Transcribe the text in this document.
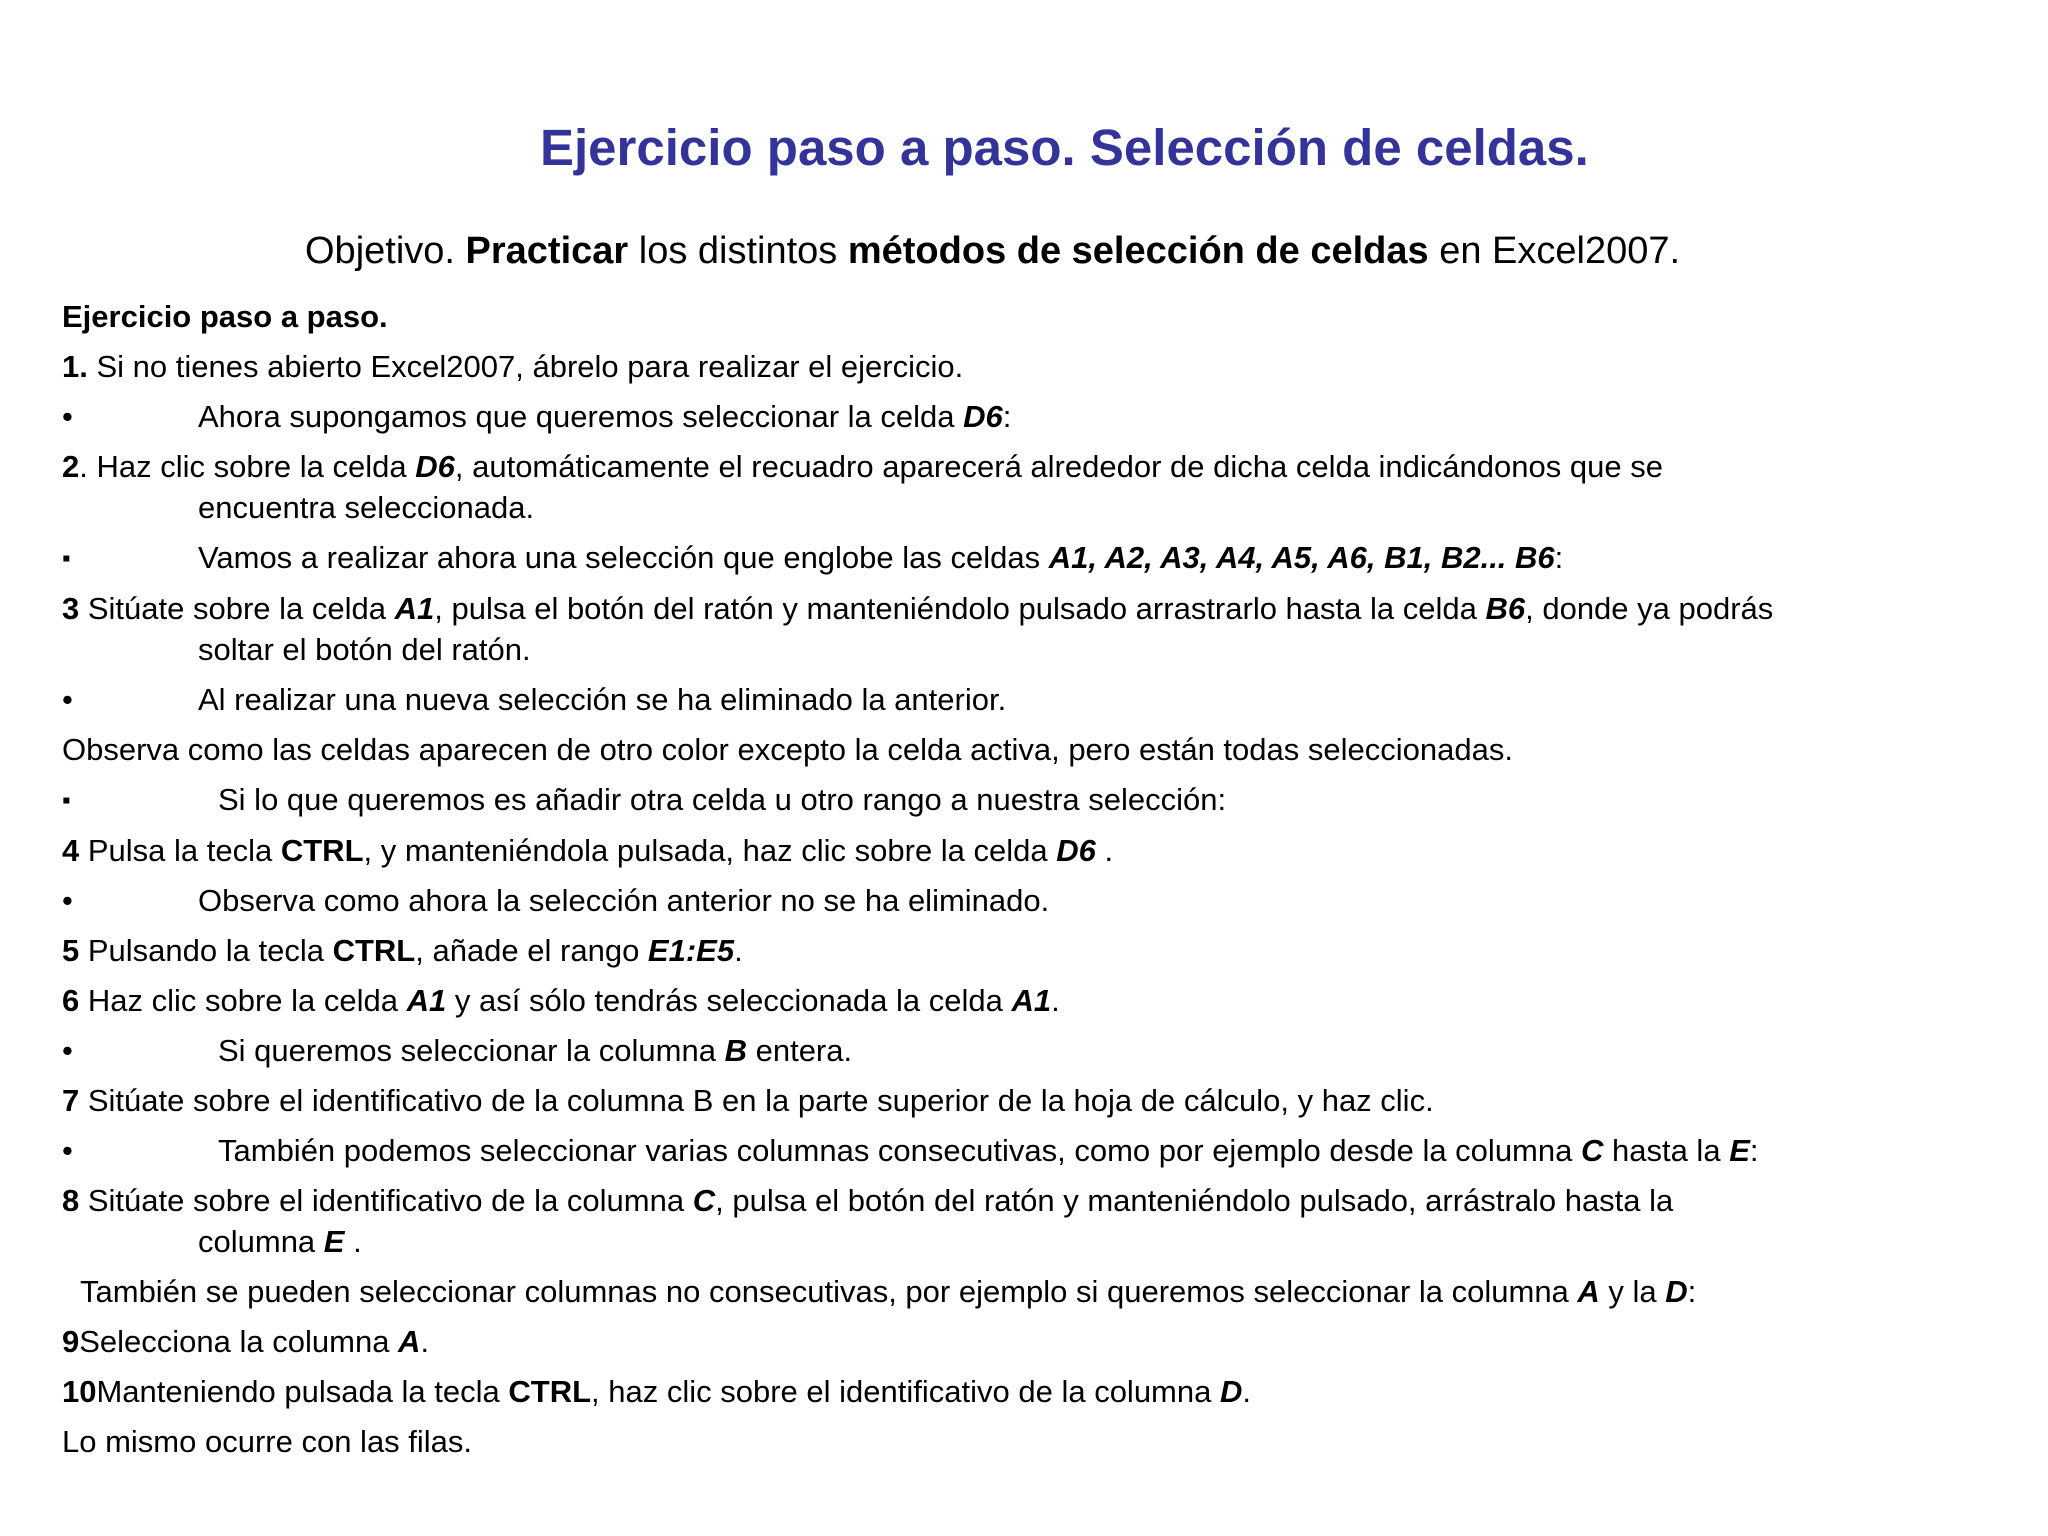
Ejercicio paso a paso. Selección de celdas.
Objetivo. Practicar los distintos métodos de selección de celdas en Excel2007.
Ejercicio paso a paso.
1. Si no tienes abierto Excel2007, ábrelo para realizar el ejercicio.
•	Ahora supongamos que queremos seleccionar la celda D6:
2. Haz clic sobre la celda D6, automáticamente el recuadro aparecerá alrededor de dicha celda indicándonos que se
encuentra seleccionada.
▪	Vamos a realizar ahora una selección que englobe las celdas A1, A2, A3, A4, A5, A6, B1, B2... B6:
3 Sitúate sobre la celda A1, pulsa el botón del ratón y manteniéndolo pulsado arrastrarlo hasta la celda B6, donde ya podrás
soltar el botón del ratón.
•	Al realizar una nueva selección se ha eliminado la anterior.
Observa como las celdas aparecen de otro color excepto la celda activa, pero están todas seleccionadas.
▪	Si lo que queremos es añadir otra celda u otro rango a nuestra selección:
4 Pulsa la tecla CTRL, y manteniéndola pulsada, haz clic sobre la celda D6 .
•	Observa como ahora la selección anterior no se ha eliminado.
5 Pulsando la tecla CTRL, añade el rango E1:E5.
6 Haz clic sobre la celda A1 y así sólo tendrás seleccionada la celda A1.
•	Si queremos seleccionar la columna B entera.
7 Sitúate sobre el identificativo de la columna B en la parte superior de la hoja de cálculo, y haz clic.
•	También podemos seleccionar varias columnas consecutivas, como por ejemplo desde la columna C hasta la E:
8 Sitúate sobre el identificativo de la columna C, pulsa el botón del ratón y manteniéndolo pulsado, arrástralo hasta la
columna E .
También se pueden seleccionar columnas no consecutivas, por ejemplo si queremos seleccionar la columna A y la D:
9Selecciona la columna A.
10Manteniendo pulsada la tecla CTRL, haz clic sobre el identificativo de la columna D.
Lo mismo ocurre con las filas.
